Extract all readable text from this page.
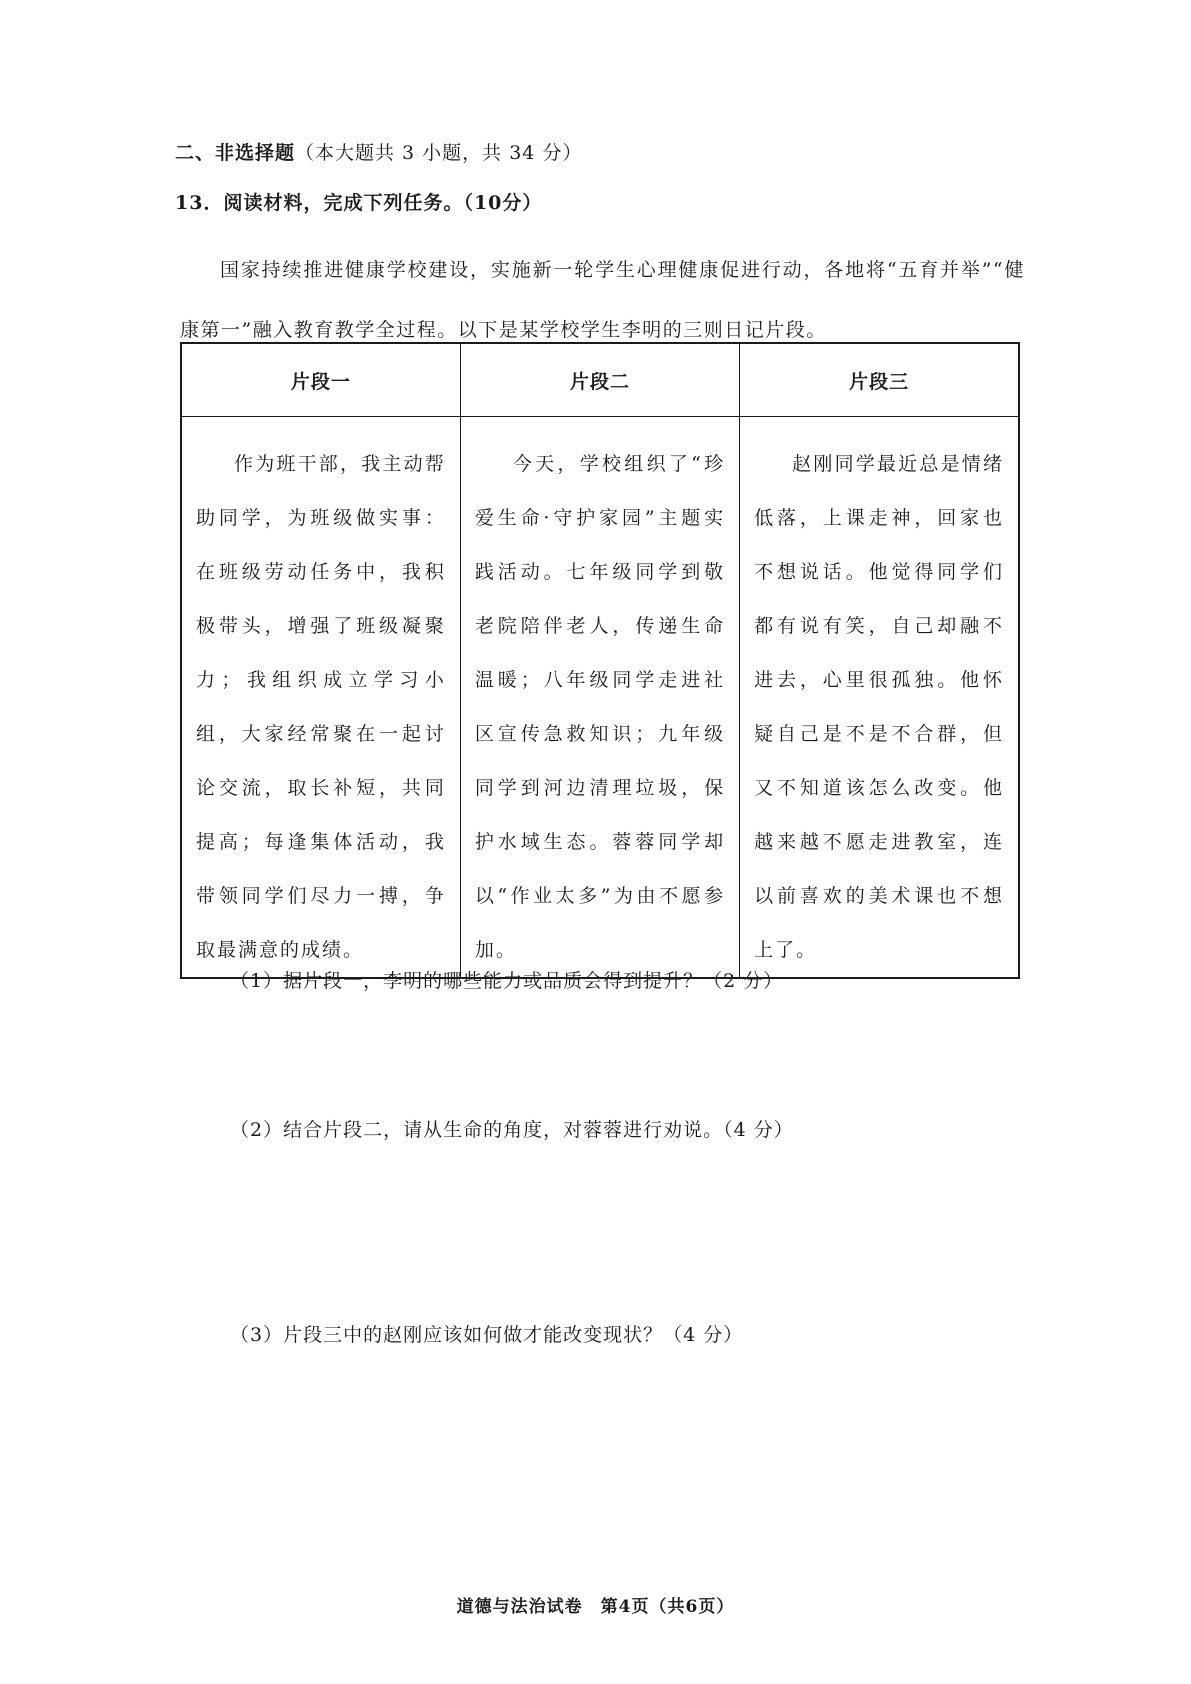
二、非选择题（本大题共 3 小题，共 34 分）
13．阅读材料，完成下列任务。（10分）
国家持续推进健康学校建设，实施新一轮学生心理健康促进行动，各地将“五育并举”“健康第一”融入教育教学全过程。以下是某学校学生李明的三则日记片段。
片段一	片段二	片段三
作为班干部，我主动帮助同学，为班级做实事：在班级劳动任务中，我积极带头，增强了班级凝聚力；我组织成立学习小组，大家经常聚在一起讨论交流，取长补短，共同提高；每逢集体活动，我带领同学们尽力一搏，争取最满意的成绩。	今天，学校组织了“珍爱生命·守护家园”主题实践活动。七年级同学到敬老院陪伴老人，传递生命温暖；八年级同学走进社区宣传急救知识；九年级同学到河边清理垃圾，保护水域生态。蓉蓉同学却以“作业太多”为由不愿参加。	赵刚同学最近总是情绪低落，上课走神，回家也不想说话。他觉得同学们都有说有笑，自己却融不进去，心里很孤独。他怀疑自己是不是不合群，但又不知道该怎么改变。他越来越不愿走进教室，连以前喜欢的美术课也不想上了。
（1）据片段一，李明的哪些能力或品质会得到提升？（2 分）
（2）结合片段二，请从生命的角度，对蓉蓉进行劝说。（4 分）
（3）片段三中的赵刚应该如何做才能改变现状？（4 分）
道德与法治试卷　第4页（共6页）
